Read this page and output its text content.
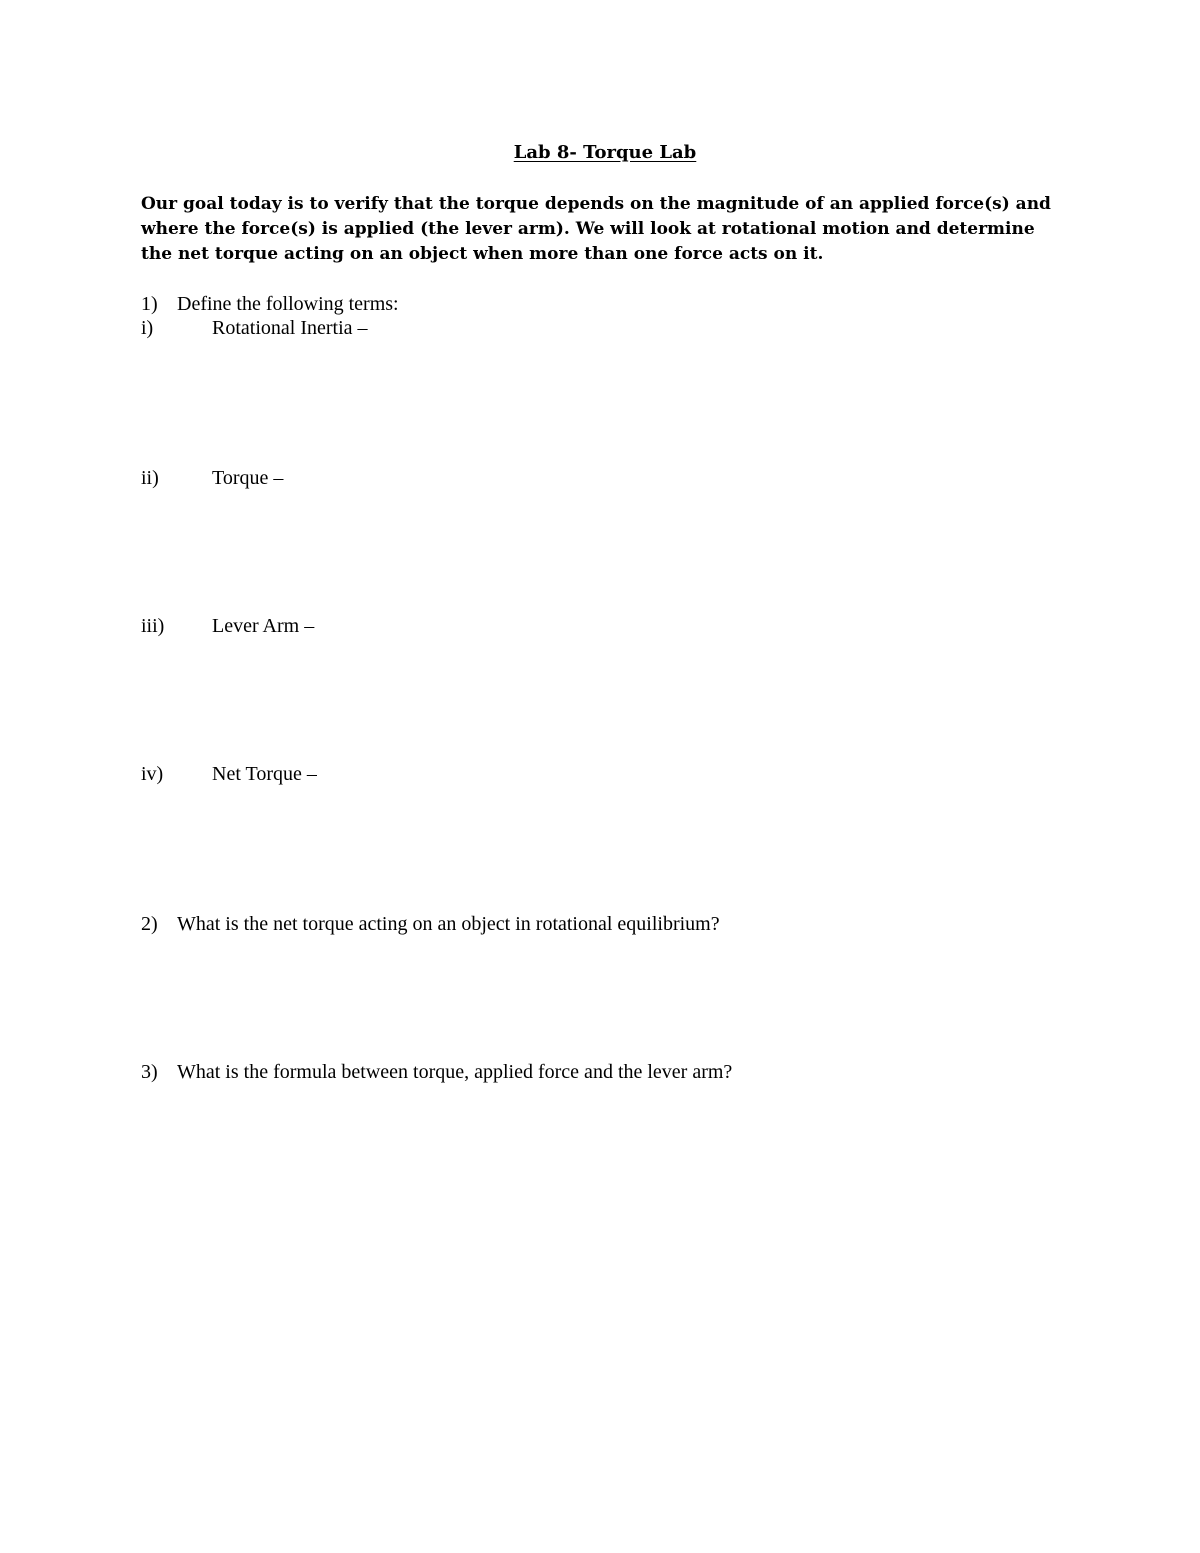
Lab 8- Torque Lab

Our goal today is to verify that the torque depends on the magnitude of an applied force(s) and where the force(s) is applied (the lever arm). We will look at rotational motion and determine the net torque acting on an object when more than one force acts on it.

1) Define the following terms:
i)	Rotational Inertia –
ii)	Torque –
iii) Lever Arm –
iv) Net Torque –
2) What is the net torque acting on an object in rotational equilibrium?
3) What is the formula between torque, applied force and the lever arm?
